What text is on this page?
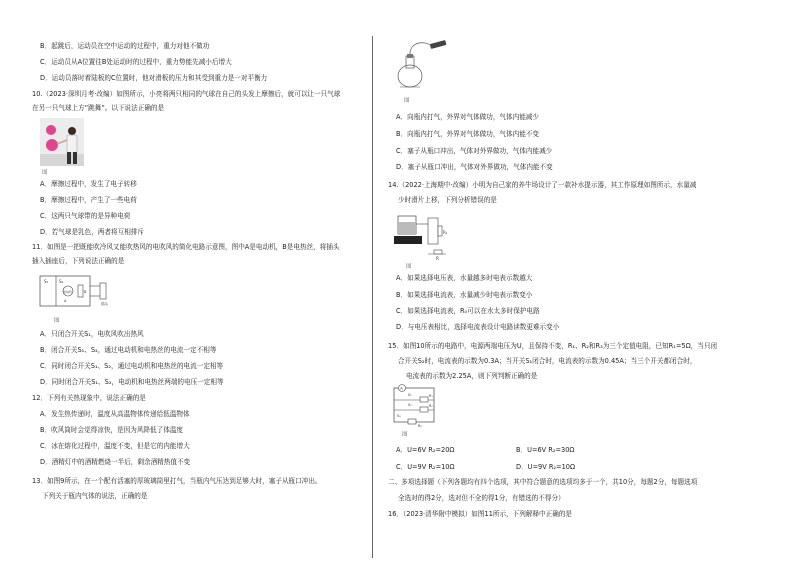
B．起跳后，运动员在空中运动的过程中，重力对他不做功
C．运动员从A位置往B处运动时的过程中，重力势能先减小后增大
D．运动员落时着陆板的C位置时，他对滑板的压力和其受到重力是一对平衡力
10.（2023·深圳月考·改编）如图所示，小亮将两只相同的气球在自己的头发上摩擦后，就可以让一只气球
在另一只气球上方“跳舞”。以下说法正确的是
图
A．摩擦过程中，发生了电子转移
B．摩擦过程中，产生了一些电荷
C．这两只气球带的是异种电荷
D．若气球是乳色，两者将互相排斥
11．如图是一把既能吹冷风又能吹热风的电吹风的简化电路示意图，图中A是电动机，B是电热丝，将插头
插入插座后，下列说法正确的是
S₁	S₂
电动机	B
A
插头
图
A．只闭合开关S₁，电吹风吹出热风
B．闭合开关S₁、S₂，通过电动机和电热丝的电流一定不相等
C．同时闭合开关S₁、S₂，通过电动机和电热丝的电流一定相等
D．同时闭合开关S₁、S₂，电动机和电热丝两端的电压一定相等
12．下列有关热现象中，说法正确的是
A．发生热传递时，温度从高温物体传递给低温物体
B．吹风筒时会觉得凉快，是因为风降低了体温度
C．冰在熔化过程中，温度不变，但是它的内能增大
D．酒精灯中的酒精燃烧一半后，剩余酒精热值不变
13．如图9所示，在一个配有活塞的厚玻璃筒里打气，当瓶内气压达到足够大时，塞子从瓶口冲出。
下列关于瓶内气体的说法，正确的是
图
A．向瓶内打气，外界对气体做功，气体内能减少
B．向瓶内打气，外界对气体做功，气体内能不变
C．塞子从瓶口冲出，气体对外界做功，气体内能减少
D．塞子从瓶口冲出，气体对外界做功，气体内能不变
14.（2022·上海期中·改编）小明为自己家的养牛场设计了一款补水提示器，其工作原理如图所示，水量减
少时滑片上移，下列分析错误的是
R₁
R
图
A．如果选择电压表，水量越多时电表示数越大
B．如果选择电流表，水量减少时电表示数变小
C．如果选择电流表，R₀可以在水太多时保护电路
D．与电压表相比，选择电流表设计电路读数更难示变小
15．如图10所示的电路中，电源两端电压为U，且保持不变，R₁、R₂和R₃为三个定值电阻，已知R₁=5Ω，当只闭
合开关S₂时，电流表的示数为0.3A；当开关S₁闭合时，电流表的示数为0.45A；当三个开关都闭合时，
电流表的示数为2.25A，则下列判断正确的是
A
S₁
S₂
S₃
R₁
R₂
R₃
图
A．U=6V R₂=20Ω	B．U=6V R₂=30Ω
C．U=9V R₂=10Ω	D．U=9V R₂=10Ω
二、多项选择题（下列各题均有四个选项，其中符合题意的选项均多于一个，共10分，每题2分，每题选项
全选对的得2分，选对但不全的得1分，有错选的不得分）
16．（2023·清华附中模拟）如图11所示，下列解释中正确的是
